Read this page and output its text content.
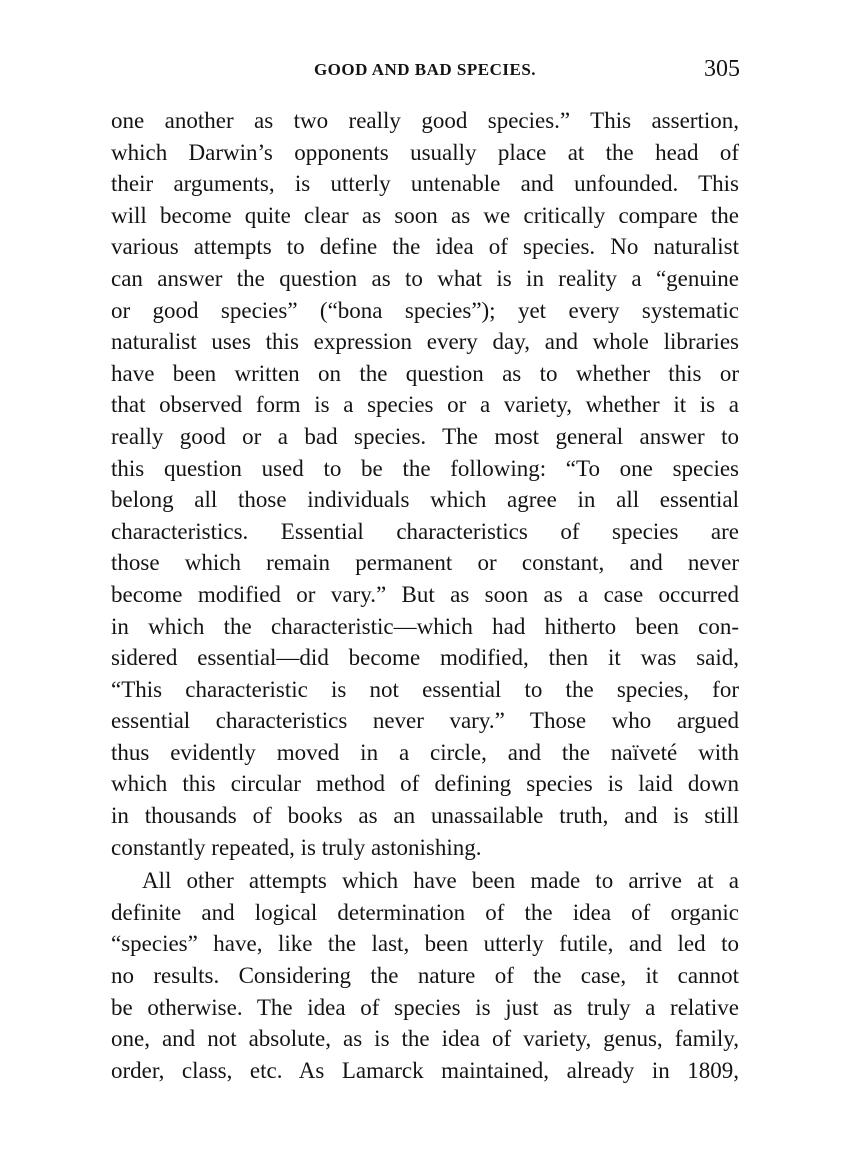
GOOD AND BAD SPECIES.	305
one another as two really good species.” This assertion,
which Darwin’s opponents usually place at the head of
their arguments, is utterly untenable and unfounded. This
will become quite clear as soon as we critically compare the
various attempts to define the idea of species. No naturalist
can answer the question as to what is in reality a “genuine
or good species” (“bona species”); yet every systematic
naturalist uses this expression every day, and whole libraries
have been written on the question as to whether this or
that observed form is a species or a variety, whether it is a
really good or a bad species. The most general answer to
this question used to be the following: “To one species
belong all those individuals which agree in all essential
characteristics. Essential characteristics of species are
those which remain permanent or constant, and never
become modified or vary.” But as soon as a case occurred
in which the characteristic—which had hitherto been con-
sidered essential—did become modified, then it was said,
“This characteristic is not essential to the species, for
essential characteristics never vary.” Those who argued
thus evidently moved in a circle, and the naïveté with
which this circular method of defining species is laid down
in thousands of books as an unassailable truth, and is still
constantly repeated, is truly astonishing.
All other attempts which have been made to arrive at a
definite and logical determination of the idea of organic
“species” have, like the last, been utterly futile, and led to
no results. Considering the nature of the case, it cannot
be otherwise. The idea of species is just as truly a relative
one, and not absolute, as is the idea of variety, genus, family,
order, class, etc. As Lamarck maintained, already in 1809,
